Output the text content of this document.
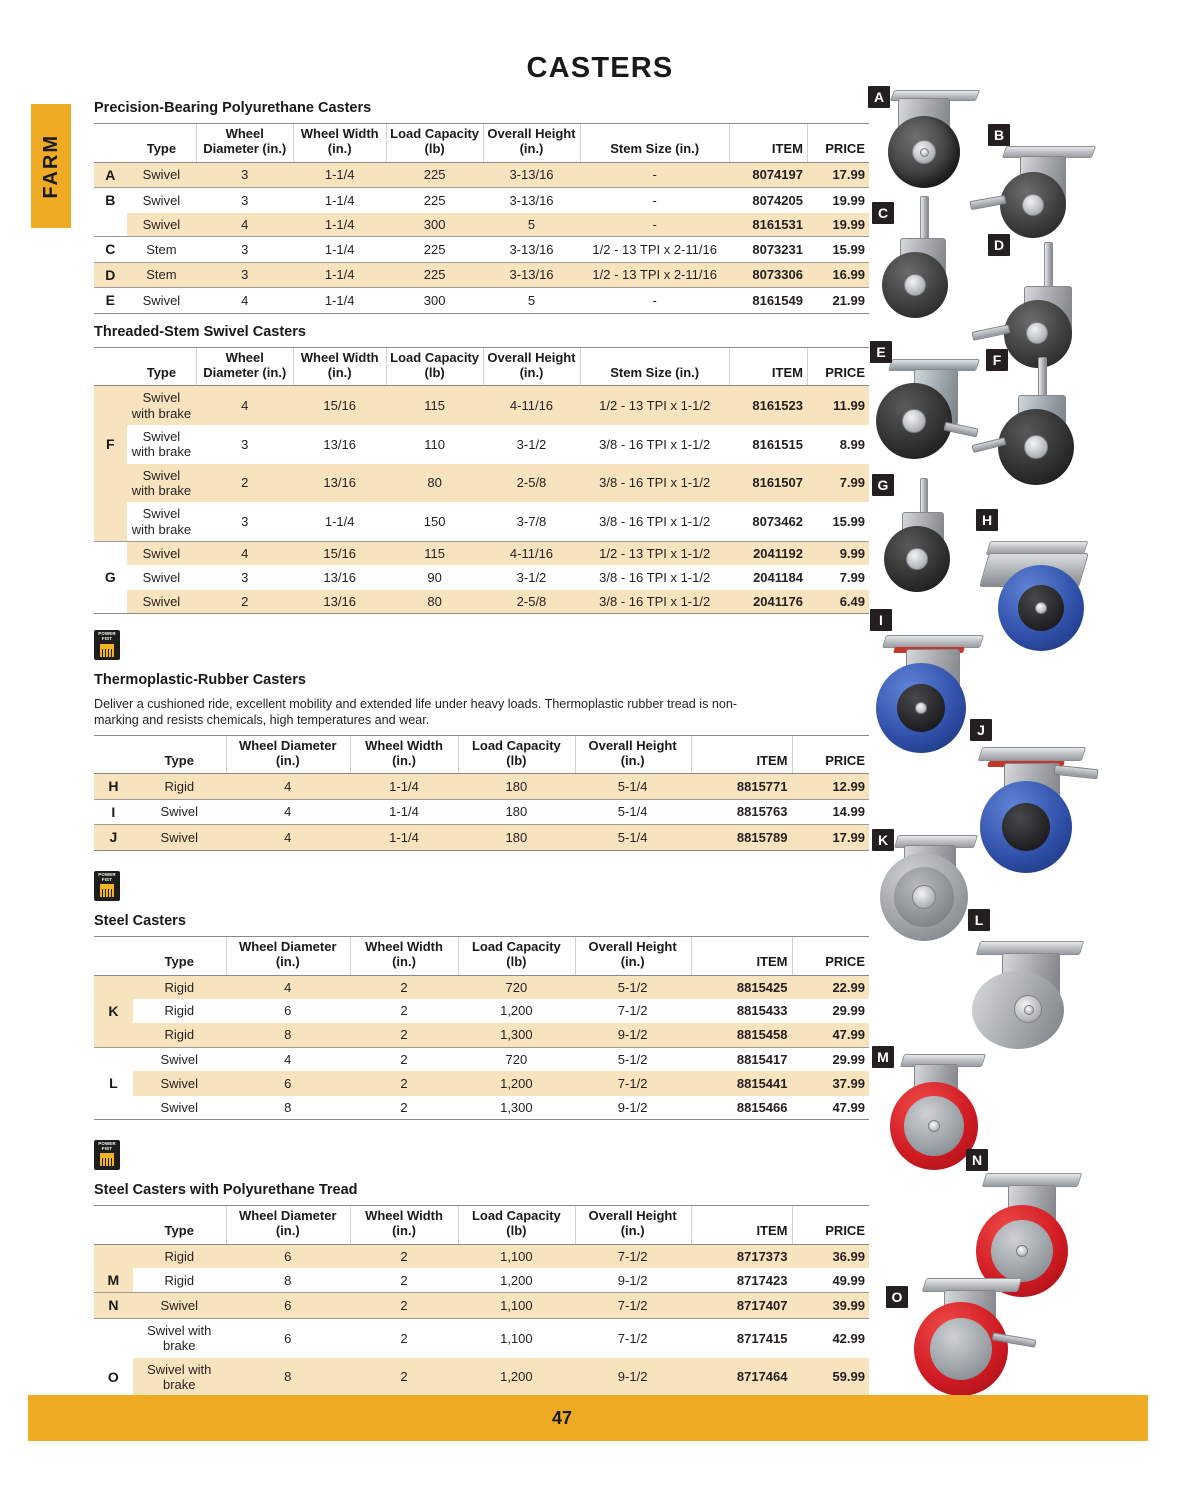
CASTERS
FARM
Precision-Bearing Polyurethane Casters
	Type	Wheel Diameter (in.)	Wheel Width (in.)	Load Capacity (lb)	Overall Height (in.)	Stem Size (in.)	ITEM	PRICE
A	Swivel	3	1-1/4	225	3-13/16	-	8074197	17.99
B	Swivel	3	1-1/4	225	3-13/16	-	8074205	19.99
	Swivel	4	1-1/4	300	5	-	8161531	19.99
C	Stem	3	1-1/4	225	3-13/16	1/2 - 13 TPI x 2-11/16	8073231	15.99
D	Stem	3	1-1/4	225	3-13/16	1/2 - 13 TPI x 2-11/16	8073306	16.99
E	Swivel	4	1-1/4	300	5	-	8161549	21.99
Threaded-Stem Swivel Casters
	Type	Wheel Diameter (in.)	Wheel Width (in.)	Load Capacity (lb)	Overall Height (in.)	Stem Size (in.)	ITEM	PRICE
	Swivel with brake	4	15/16	115	4-11/16	1/2 - 13 TPI x 1-1/2	8161523	11.99
F	Swivel with brake	3	13/16	110	3-1/2	3/8 - 16 TPI x 1-1/2	8161515	8.99
	Swivel with brake	2	13/16	80	2-5/8	3/8 - 16 TPI x 1-1/2	8161507	7.99
	Swivel with brake	3	1-1/4	150	3-7/8	3/8 - 16 TPI x 1-1/2	8073462	15.99
	Swivel	4	15/16	115	4-11/16	1/2 - 13 TPI x 1-1/2	2041192	9.99
G	Swivel	3	13/16	90	3-1/2	3/8 - 16 TPI x 1-1/2	2041184	7.99
	Swivel	2	13/16	80	2-5/8	3/8 - 16 TPI x 1-1/2	2041176	6.49
POWER
FIST
Thermoplastic-Rubber Casters
Deliver a cushioned ride, excellent mobility and extended life under heavy loads. Thermoplastic rubber tread is non-marking and resists chemicals, high temperatures and wear.
	Type	Wheel Diameter (in.)	Wheel Width (in.)	Load Capacity (lb)	Overall Height (in.)	ITEM	PRICE
H	Rigid	4	1-1/4	180	5-1/4	8815771	12.99
I	Swivel	4	1-1/4	180	5-1/4	8815763	14.99
J	Swivel	4	1-1/4	180	5-1/4	8815789	17.99
POWER
FIST
Steel Casters
	Type	Wheel Diameter (in.)	Wheel Width (in.)	Load Capacity (lb)	Overall Height (in.)	ITEM	PRICE
	Rigid	4	2	720	5-1/2	8815425	22.99
K	Rigid	6	2	1,200	7-1/2	8815433	29.99
	Rigid	8	2	1,300	9-1/2	8815458	47.99
	Swivel	4	2	720	5-1/2	8815417	29.99
L	Swivel	6	2	1,200	7-1/2	8815441	37.99
	Swivel	8	2	1,300	9-1/2	8815466	47.99
POWER
FIST
Steel Casters with Polyurethane Tread
	Type	Wheel Diameter (in.)	Wheel Width (in.)	Load Capacity (lb)	Overall Height (in.)	ITEM	PRICE
	Rigid	6	2	1,100	7-1/2	8717373	36.99
M	Rigid	8	2	1,200	9-1/2	8717423	49.99
N	Swivel	6	2	1,100	7-1/2	8717407	39.99
	Swivel with brake	6	2	1,100	7-1/2	8717415	42.99
O	Swivel with brake	8	2	1,200	9-1/2	8717464	59.99

A
B
C
D
E	F
G
H
I
J
K
L
M
N
O
47
